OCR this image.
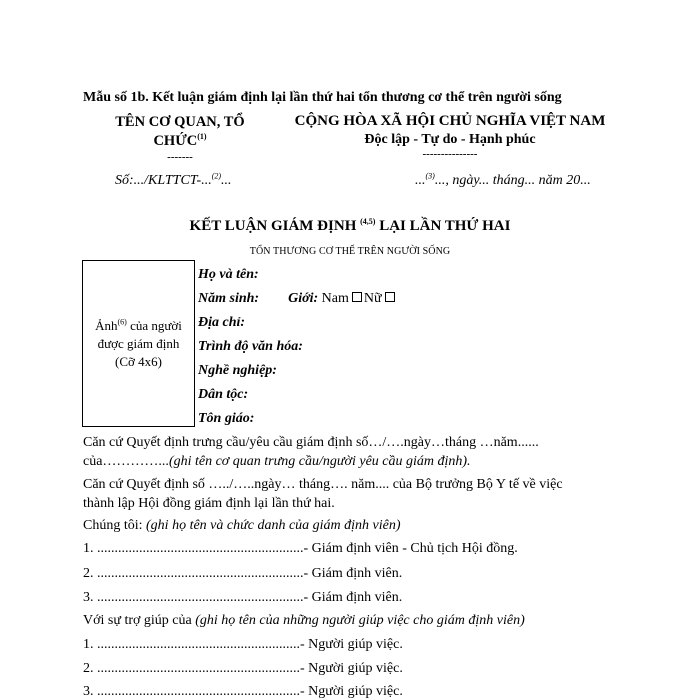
Mẫu số 1b. Kết luận giám định lại lần thứ hai tổn thương cơ thể trên người sống
TÊN CƠ QUAN, TỔ
CHỨC$^{(1)}$
-------
CỘNG HÒA XÃ HỘI CHỦ NGHĨA VIỆT NAM
Độc lập - Tự do - Hạnh phúc
---------------
Số:.../KLTTCT-...$^{(2)}$...	...$^{(3)}$..., ngày... tháng... năm 20...
KẾT LUẬN GIÁM ĐỊNH $^{(4,5)}$ LẠI LẦN THỨ HAI
TỔN THƯƠNG CƠ THỂ TRÊN NGƯỜI SỐNG
Ảnh$^{(6)}$ của người
được giám định
(Cỡ 4x6)
Họ và tên:
Năm sinh: Giới: Nam Nữ
Địa chỉ:
Trình độ văn hóa:
Nghề nghiệp:
Dân tộc:
Tôn giáo:
Căn cứ Quyết định trưng cầu/yêu cầu giám định số…/….ngày…tháng …năm......
của…………...(ghi tên cơ quan trưng cầu/người yêu cầu giám định).
Căn cứ Quyết định số …../…..ngày… tháng…. năm.... của Bộ trưởng Bộ Y tế về việc
thành lập Hội đồng giám định lại lần thứ hai.
Chúng tôi: (ghi họ tên và chức danh của giám định viên)
1. ...........................................................- Giám định viên - Chủ tịch Hội đồng.
2. ...........................................................- Giám định viên.
3. ...........................................................- Giám định viên.
Với sự trợ giúp của (ghi họ tên của những người giúp việc cho giám định viên)
1. ..........................................................- Người giúp việc.
2. ..........................................................- Người giúp việc.
3. ..........................................................- Người giúp việc.
